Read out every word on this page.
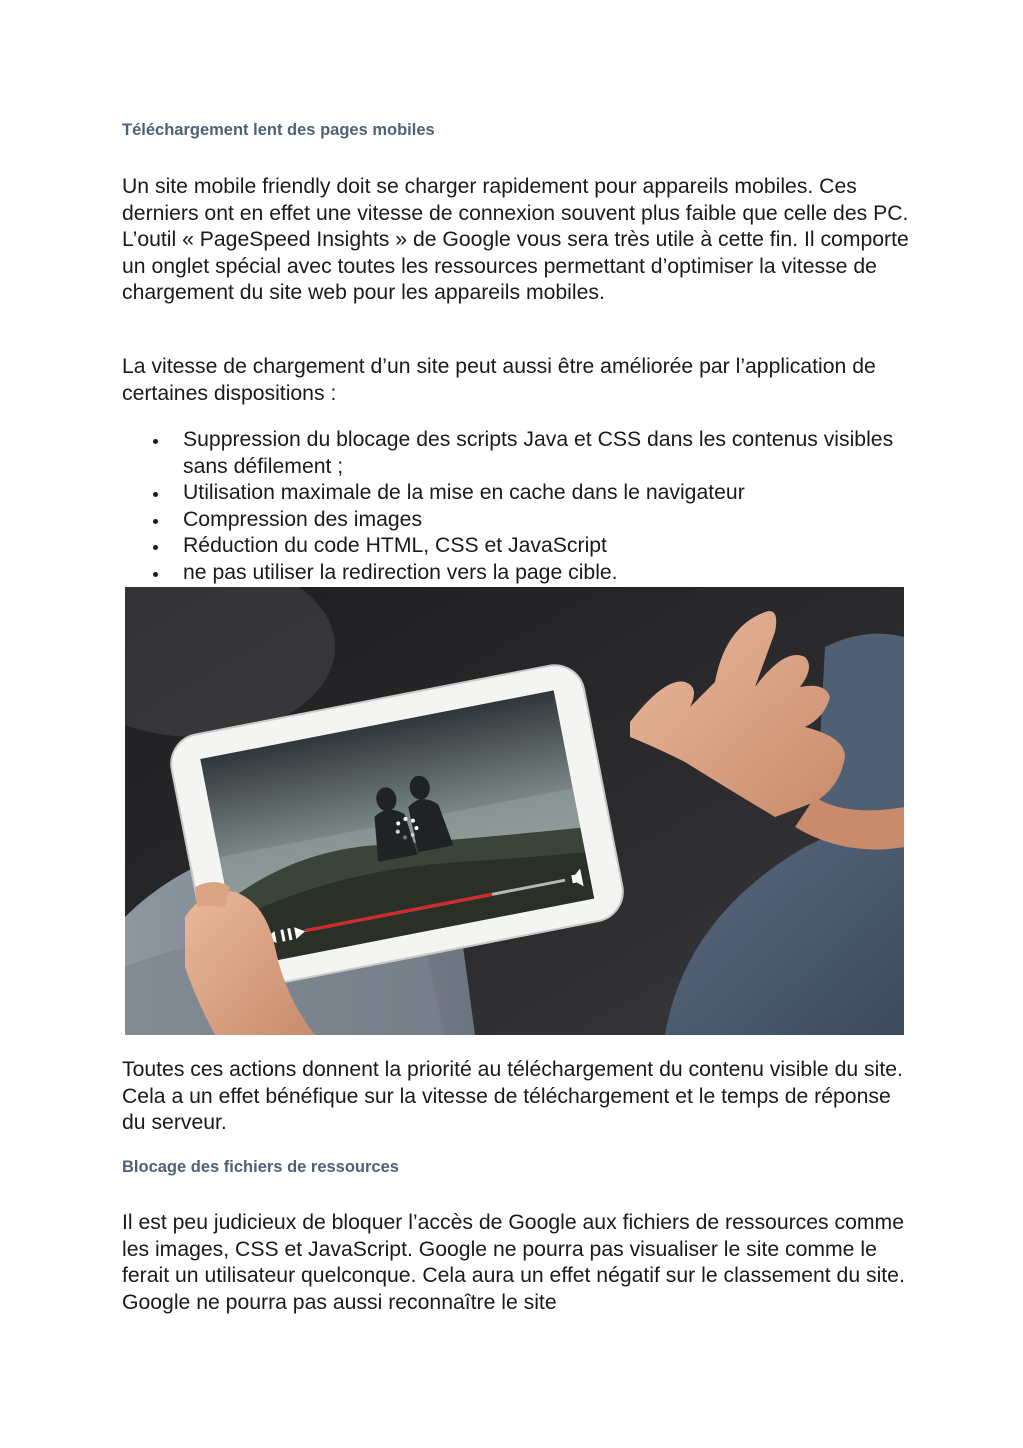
Téléchargement lent des pages mobiles

Un site mobile friendly doit se charger rapidement pour appareils mobiles. Ces derniers ont en effet une vitesse de connexion souvent plus faible que celle des PC. L’outil « PageSpeed Insights » de Google vous sera très utile à cette fin. Il comporte un onglet spécial avec toutes les ressources permettant d’optimiser la vitesse de chargement du site web pour les appareils mobiles.

La vitesse de chargement d’un site peut aussi être améliorée par l’application de certaines dispositions :

Suppression du blocage des scripts Java et CSS dans les contenus visibles sans défilement ;
Utilisation maximale de la mise en cache dans le navigateur
Compression des images
Réduction du code HTML, CSS et JavaScript
ne pas utiliser la redirection vers la page cible.

Toutes ces actions donnent la priorité au téléchargement du contenu visible du site. Cela a un effet bénéfique sur la vitesse de téléchargement et le temps de réponse du serveur.

Blocage des fichiers de ressources

Il est peu judicieux de bloquer l’accès de Google aux fichiers de ressources comme les images, CSS et JavaScript. Google ne pourra pas visualiser le site comme le ferait un utilisateur quelconque. Cela aura un effet négatif sur le classement du site. Google ne pourra pas aussi reconnaître le site
